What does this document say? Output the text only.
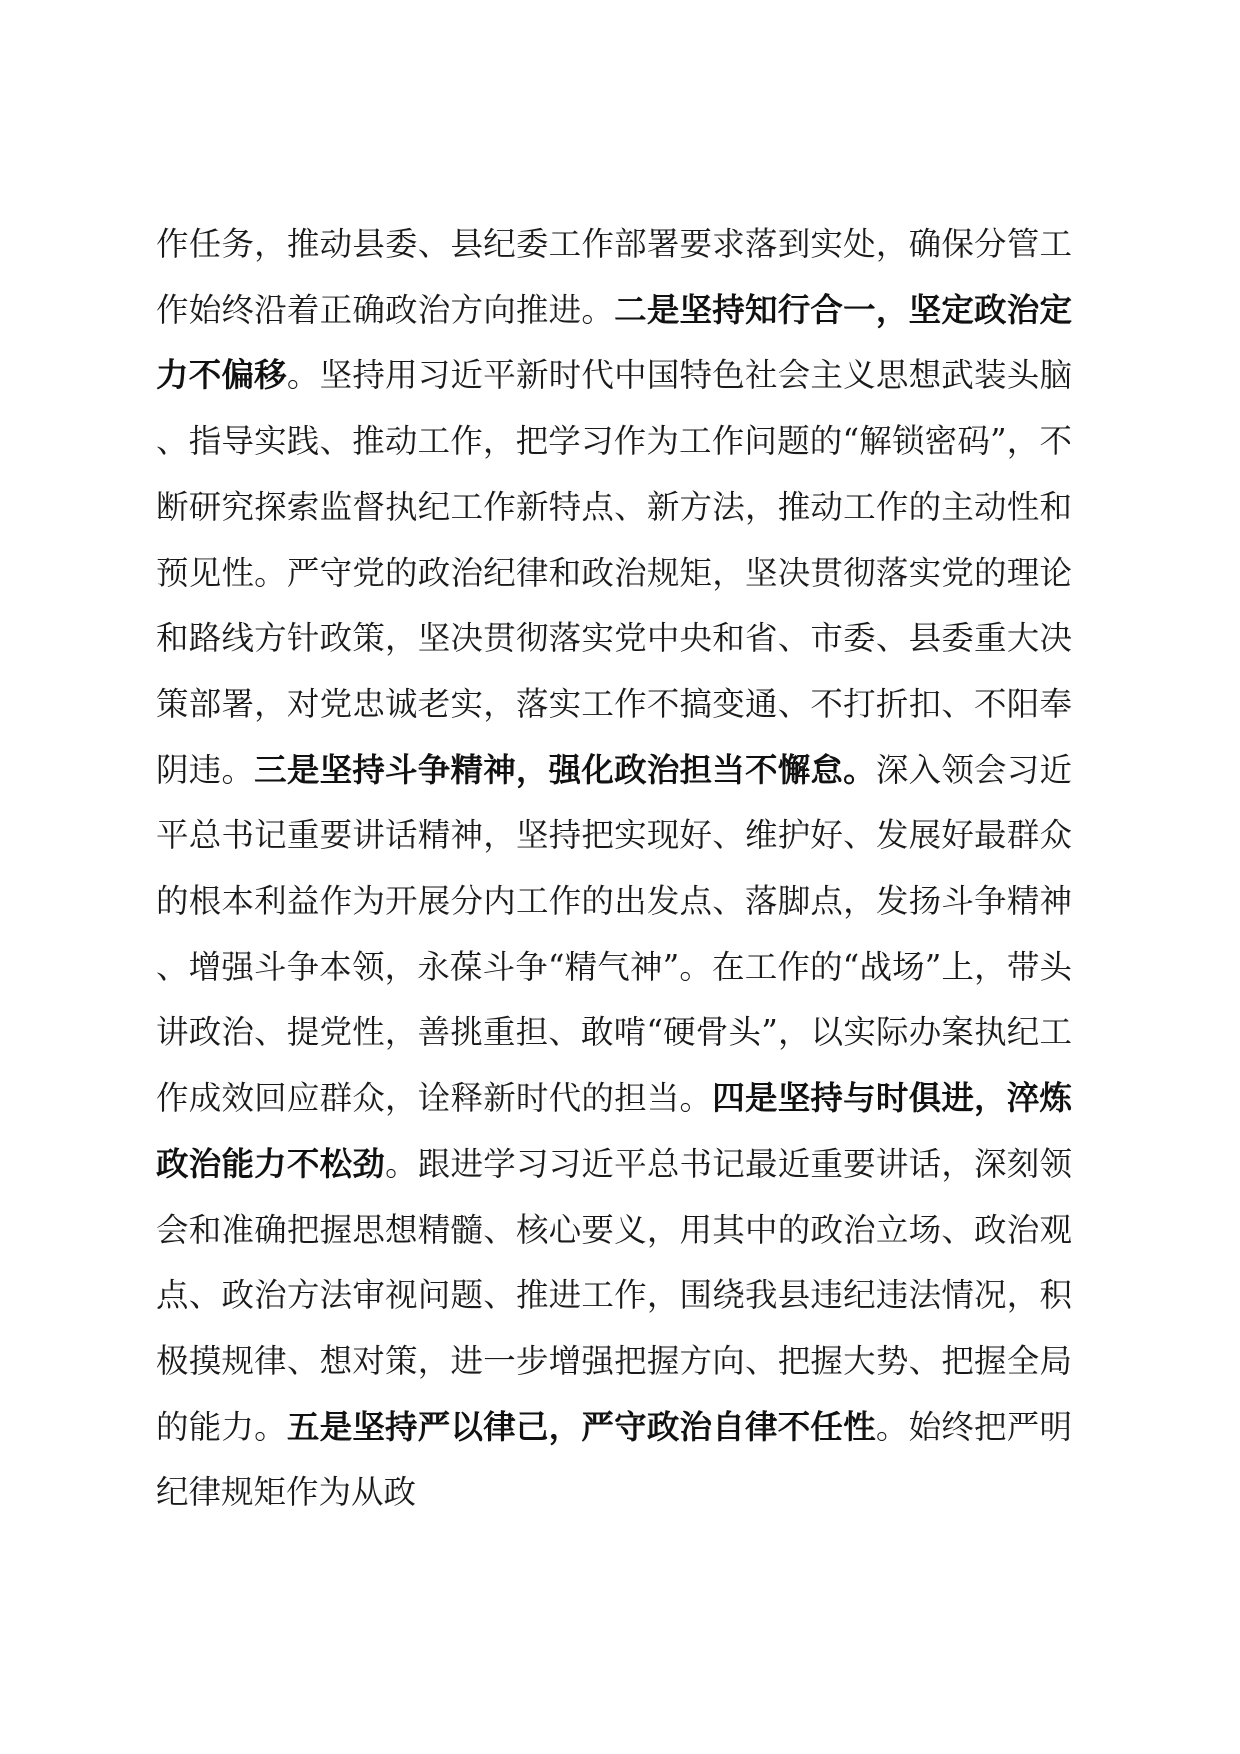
作任务，推动县委、县纪委工作部署要求落到实处，确保分管工作始终沿着正确政治方向推进。二是坚持知行合一，坚定政治定力不偏移。坚持用习近平新时代中国特色社会主义思想武装头脑、指导实践、推动工作，把学习作为工作问题的“解锁密码”，不断研究探索监督执纪工作新特点、新方法，推动工作的主动性和预见性。严守党的政治纪律和政治规矩，坚决贯彻落实党的理论和路线方针政策，坚决贯彻落实党中央和省、市委、县委重大决策部署，对党忠诚老实，落实工作不搞变通、不打折扣、不阳奉阴违。三是坚持斗争精神，强化政治担当不懈怠。深入领会习近平总书记重要讲话精神，坚持把实现好、维护好、发展好最群众的根本利益作为开展分内工作的出发点、落脚点，发扬斗争精神、增强斗争本领，永葆斗争“精气神”。在工作的“战场”上，带头讲政治、提党性，善挑重担、敢啃“硬骨头”，以实际办案执纪工作成效回应群众，诠释新时代的担当。四是坚持与时俱进，淬炼政治能力不松劲。跟进学习习近平总书记最近重要讲话，深刻领会和准确把握思想精髓、核心要义，用其中的政治立场、政治观点、政治方法审视问题、推进工作，围绕我县违纪违法情况，积极摸规律、想对策，进一步增强把握方向、把握大势、把握全局的能力。五是坚持严以律己，严守政治自律不任性。始终把严明纪律规矩作为从政
